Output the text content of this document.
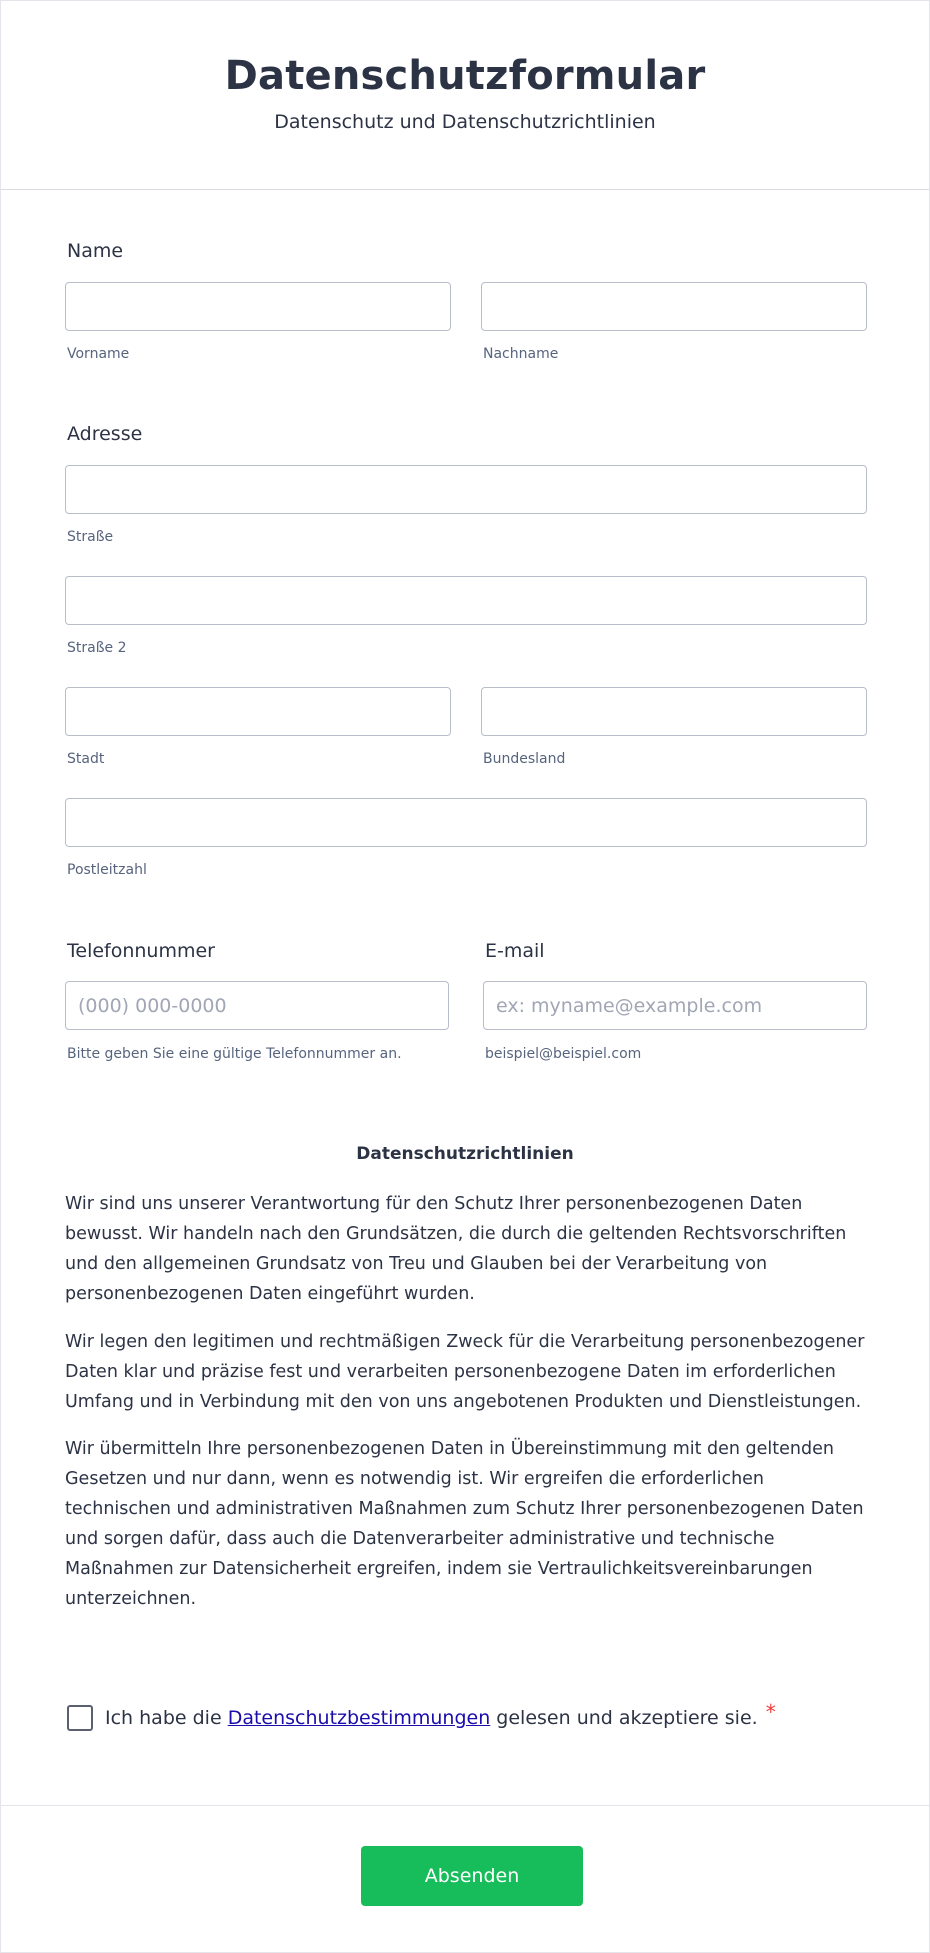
Datenschutzformular
Datenschutz und Datenschutzrichtlinien
Name
Vorname	Nachname
Adresse
Straße
Straße 2
Stadt	Bundesland
Postleitzahl
Telefonnummer	E-mail
(000) 000-0000
ex: myname@example.com
Bitte geben Sie eine gültige Telefonnummer an.	beispiel@beispiel.com
Datenschutzrichtlinien

Wir sind uns unserer Verantwortung für den Schutz Ihrer personenbezogenen Daten bewusst. Wir handeln nach den Grundsätzen, die durch die geltenden Rechtsvorschriften und den allgemeinen Grundsatz von Treu und Glauben bei der Verarbeitung von personenbezogenen Daten eingeführt wurden.

Wir legen den legitimen und rechtmäßigen Zweck für die Verarbeitung personenbezogener Daten klar und präzise fest und verarbeiten personenbezogene Daten im erforderlichen Umfang und in Verbindung mit den von uns angebotenen Produkten und Dienstleistungen.

Wir übermitteln Ihre personenbezogenen Daten in Übereinstimmung mit den geltenden Gesetzen und nur dann, wenn es notwendig ist. Wir ergreifen die erforderlichen technischen und administrativen Maßnahmen zum Schutz Ihrer personenbezogenen Daten und sorgen dafür, dass auch die Datenverarbeiter administrative und technische Maßnahmen zur Datensicherheit ergreifen, indem sie Vertraulichkeitsvereinbarungen unterzeichnen.

Ich habe die Datenschutzbestimmungen gelesen und akzeptiere sie. *
Absenden
